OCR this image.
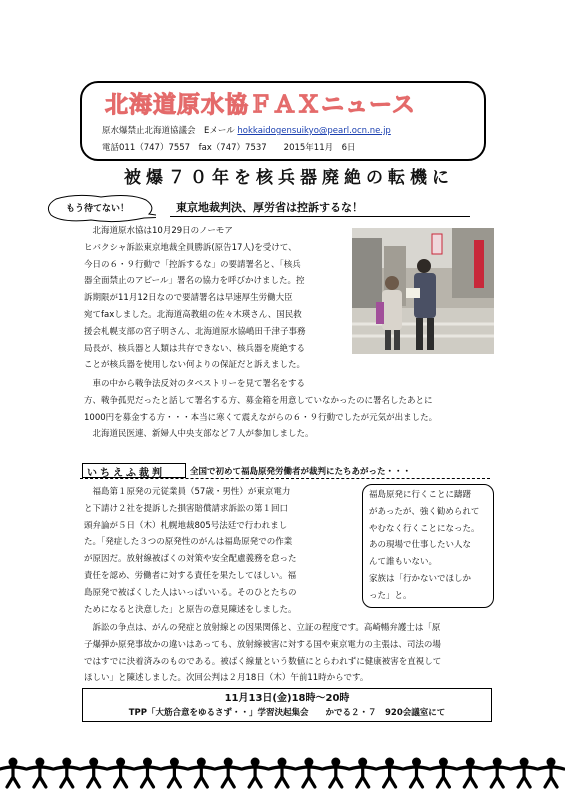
北海道原水協ＦＡＸニュース
原水爆禁止北海道協議会　Eメール hokkaidogensuikyo@pearl.ocn.ne.jp
電話011（747）7557　fax（747）7537　　2015年11月　6日
被爆７０年を核兵器廃絶の転機に
もう待てない！	東京地裁判決、厚労省は控訴するな！
　北海道原水協は10月29日のノーモア
ヒバクシャ訴訟東京地裁全員勝訴(原告17人)を受けて、
今日の６・９行動で「控訴するな」の要請署名と、「核兵
器全面禁止のアピール」署名の協力を呼びかけました。控
訴期限が11月12日なので要請署名は早速厚生労働大臣
宛てfaxしました。北海道高教組の佐々木瑛さん、国民救
援会札幌支部の宮子明さん、北海道原水協嶋田千津子事務
局長が、核兵器と人類は共存できない、核兵器を廃絶する
ことが核兵器を使用しない何よりの保証だと訴えました。
　車の中から戦争法反対のタペストリーを見て署名をする
方、戦争孤児だったと話して署名する方、募金箱を用意していなかったのに署名したあとに
1000円を募金する方・・・本当に寒くて震えながらの６・９行動でしたが元気が出ました。
　北海道民医連、新婦人中央支部など７人が参加しました。
いちえふ裁判	全国で初めて福島原発労働者が裁判にたちあがった・・・
　福島第１原発の元従業員（57歳・男性）が東京電力
と下請け２社を提訴した損害賠償請求訴訟の第１回口
頭弁論が５日（木）札幌地裁805号法廷で行われまし
た。「発症した３つの原発性のがんは福島原発での作業
が原因だ。放射線被ばくの対策や安全配慮義務を怠った
責任を認め、労働者に対する責任を果たしてほしい。福
島原発で被ばくした人はいっぱいいる。そのひとたちの
ためになると決意した」と原告の意見陳述をしました。
福島原発に行くことに躊躇
があったが、強く勧められて
やむなく行くことになった。
あの現場で仕事したい人な
んて誰もいない。
家族は「行かないでほしか
った」と。
　訴訟の争点は、がんの発症と放射線との因果関係と、立証の程度です。高崎暢弁護士は「原
子爆弾か原発事故かの違いはあっても、放射線被害に対する国や東京電力の主張は、司法の場
ではすでに決着済みのものである。被ばく線量という数値にとらわれずに健康被害を直視して
ほしい」と陳述しました。次回公判は２月18日（木）午前11時からです。
11月13日(金)18時～20時
TPP「大筋合意をゆるさず・・」学習決起集会　　かでる２・７　920会議室にて
